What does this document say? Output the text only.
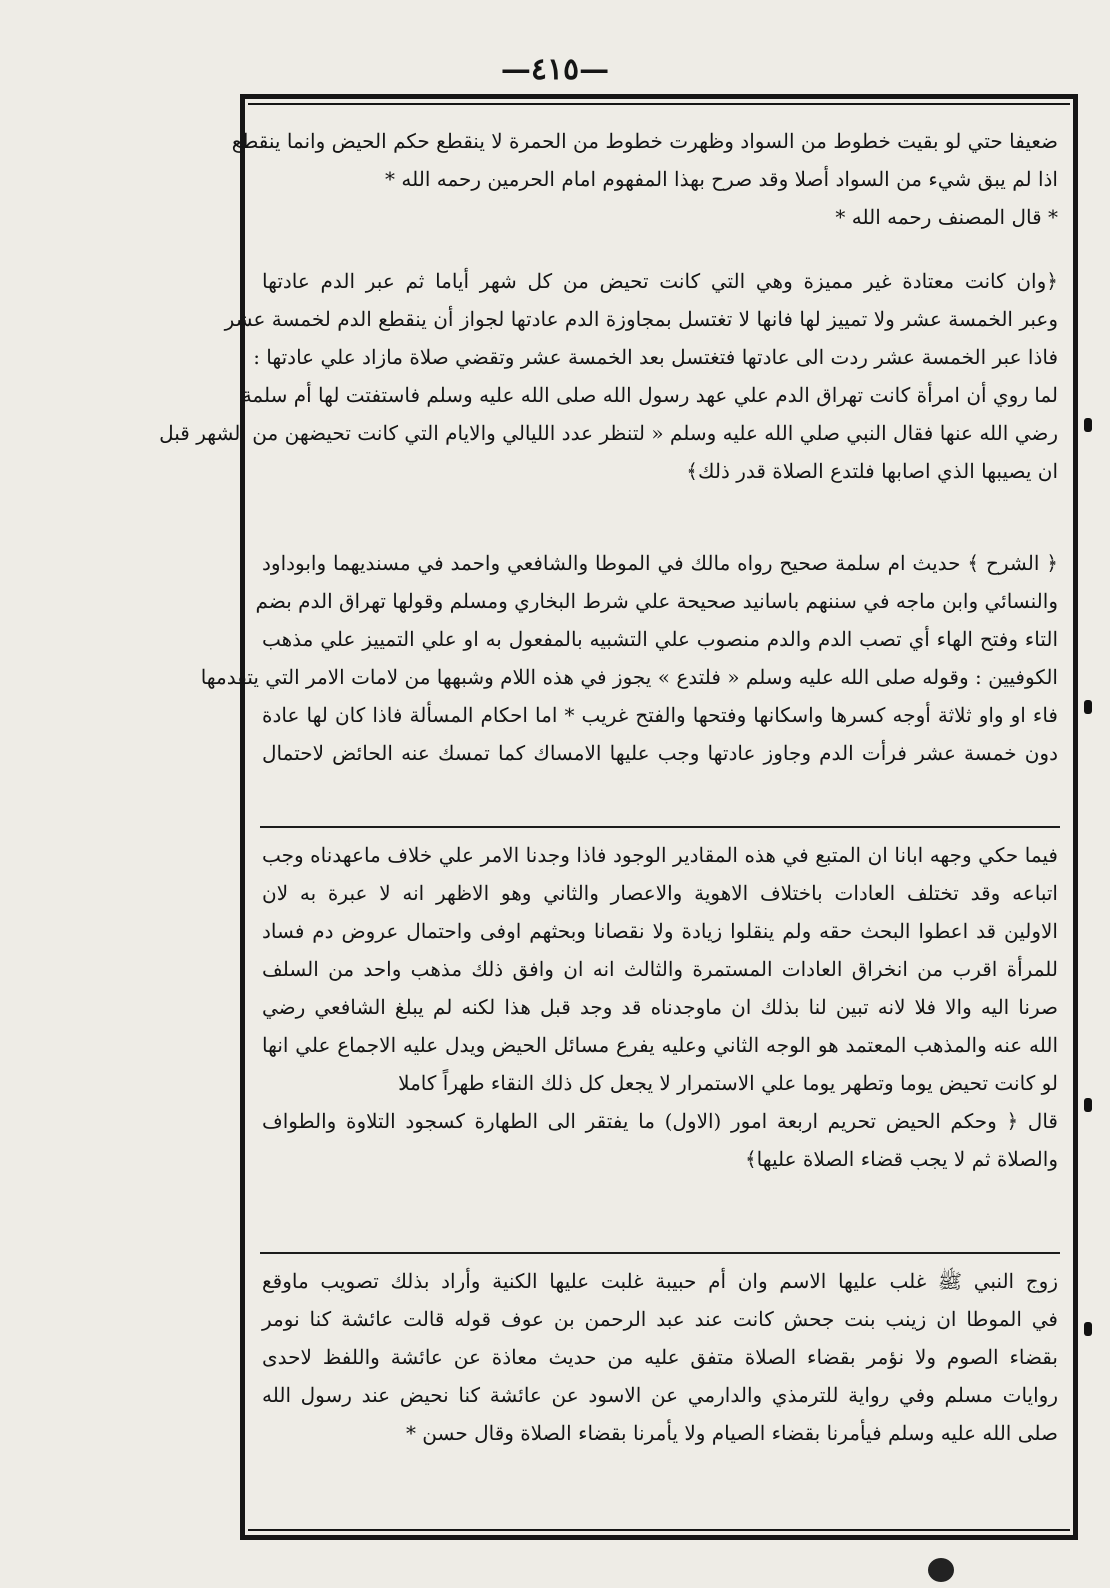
—٤١٥—
ضعيفا حتي لو بقيت خطوط من السواد وظهرت خطوط من الحمرة لا ينقطع حكم الحيض وانما ينقطع
اذا لم يبق شيء من السواد أصلا وقد صرح بهذا المفهوم امام الحرمين رحمه الله *
* قال المصنف رحمه الله *
﴿وان كانت معتادة غير مميزة وهي التي كانت تحيض من كل شهر أياما ثم عبر الدم عادتها
وعبر الخمسة عشر ولا تمييز لها فانها لا تغتسل بمجاوزة الدم عادتها لجواز أن ينقطع الدم لخمسة عشر
فاذا عبر الخمسة عشر ردت الى عادتها فتغتسل بعد الخمسة عشر وتقضي صلاة مازاد علي عادتها :
لما روي أن امرأة كانت تهراق الدم علي عهد رسول الله صلى الله عليه وسلم فاستفتت لها أم سلمة
رضي الله عنها فقال النبي صلي الله عليه وسلم « لتنظر عدد الليالي والايام التي كانت تحيضهن من الشهر قبل
ان يصيبها الذي اصابها فلتدع الصلاة قدر ذلك﴾
﴿ الشرح ﴾ حديث ام سلمة صحيح رواه مالك في الموطا والشافعي واحمد في مسنديهما وابوداود
والنسائي وابن ماجه في سننهم باسانيد صحيحة علي شرط البخاري ومسلم وقولها تهراق الدم بضم
التاء وفتح الهاء أي تصب الدم والدم منصوب علي التشبيه بالمفعول به او علي التمييز علي مذهب
الكوفيين : وقوله صلى الله عليه وسلم « فلتدع » يجوز في هذه اللام وشبهها من لامات الامر التي يتقدمها
فاء او واو ثلاثة أوجه كسرها واسكانها وفتحها والفتح غريب * اما احكام المسألة فاذا كان لها عادة
دون خمسة عشر فرأت الدم وجاوز عادتها وجب عليها الامساك كما تمسك عنه الحائض لاحتمال
فيما حكي وجهه ابانا ان المتبع في هذه المقادير الوجود فاذا وجدنا الامر علي خلاف ماعهدناه وجب
اتباعه وقد تختلف العادات باختلاف الاهوية والاعصار والثاني وهو الاظهر انه لا عبرة به لان
الاولين قد اعطوا البحث حقه ولم ينقلوا زيادة ولا نقصانا وبحثهم اوفى واحتمال عروض دم فساد
للمرأة اقرب من انخراق العادات المستمرة والثالث انه ان وافق ذلك مذهب واحد من السلف
صرنا اليه والا فلا لانه تبين لنا بذلك ان ماوجدناه قد وجد قبل هذا لكنه لم يبلغ الشافعي رضي
الله عنه والمذهب المعتمد هو الوجه الثاني وعليه يفرع مسائل الحيض ويدل عليه الاجماع علي انها
لو كانت تحيض يوما وتطهر يوما علي الاستمرار لا يجعل كل ذلك النقاء طهراً كاملا
قال ﴿ وحكم الحيض تحريم اربعة امور (الاول) ما يفتقر الى الطهارة كسجود التلاوة والطواف
والصلاة ثم لا يجب قضاء الصلاة عليها﴾
زوج النبي ﷺ غلب عليها الاسم وان أم حبيبة غلبت عليها الكنية وأراد بذلك تصويب ماوقع
في الموطا ان زينب بنت جحش كانت عند عبد الرحمن بن عوف قوله قالت عائشة كنا نومر
بقضاء الصوم ولا نؤمر بقضاء الصلاة متفق عليه من حديث معاذة عن عائشة واللفظ لاحدى
روايات مسلم وفي رواية للترمذي والدارمي عن الاسود عن عائشة كنا نحيض عند رسول الله
صلى الله عليه وسلم فيأمرنا بقضاء الصيام ولا يأمرنا بقضاء الصلاة وقال حسن *
